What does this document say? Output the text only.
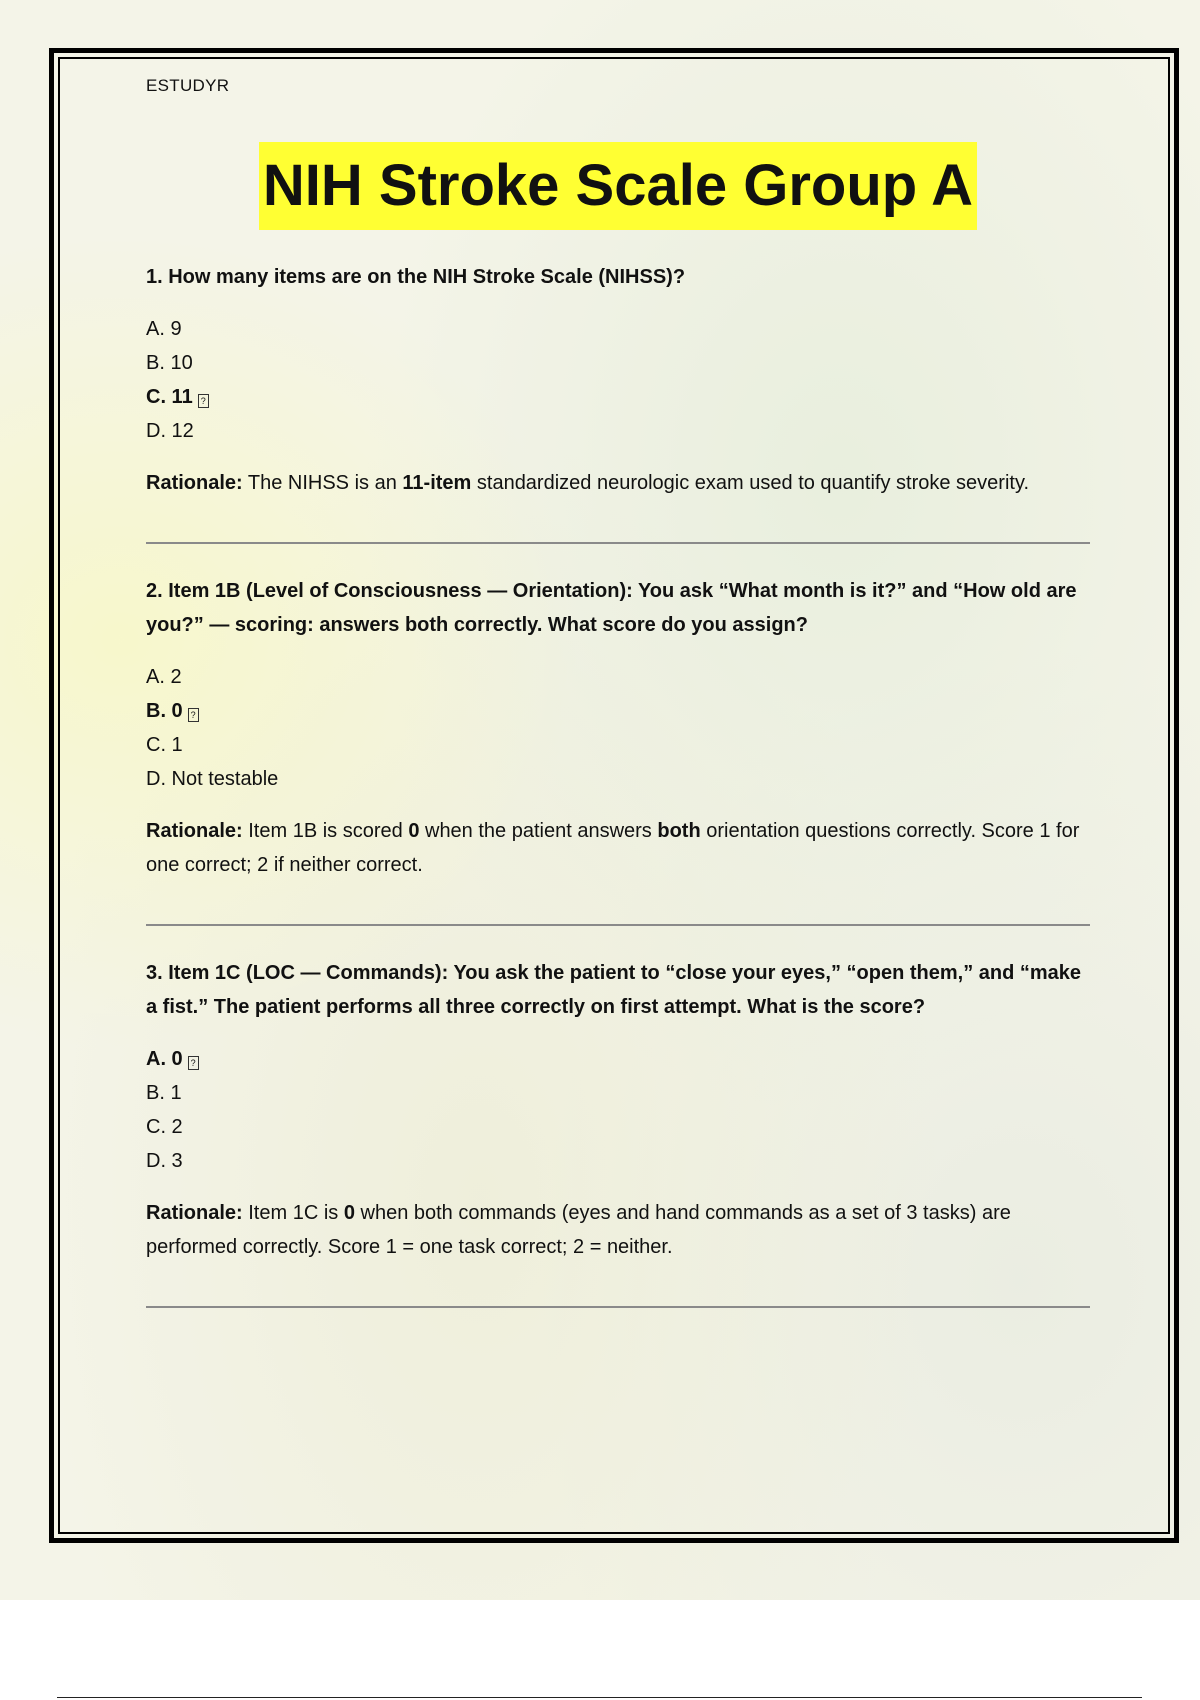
ESTUDYR
NIH Stroke Scale Group A
1. How many items are on the NIH Stroke Scale (NIHSS)?
A. 9
B. 10
C. 11 ?
D. 12
Rationale: The NIHSS is an 11-item standardized neurologic exam used to quantify stroke severity.
2. Item 1B (Level of Consciousness — Orientation): You ask “What month is it?” and “How old are you?” — scoring: answers both correctly. What score do you assign?
A. 2
B. 0 ?
C. 1
D. Not testable
Rationale: Item 1B is scored 0 when the patient answers both orientation questions correctly. Score 1 for one correct; 2 if neither correct.
3. Item 1C (LOC — Commands): You ask the patient to “close your eyes,” “open them,” and “make a fist.” The patient performs all three correctly on first attempt. What is the score?
A. 0 ?
B. 1
C. 2
D. 3
Rationale: Item 1C is 0 when both commands (eyes and hand commands as a set of 3 tasks) are performed correctly. Score 1 = one task correct; 2 = neither.
